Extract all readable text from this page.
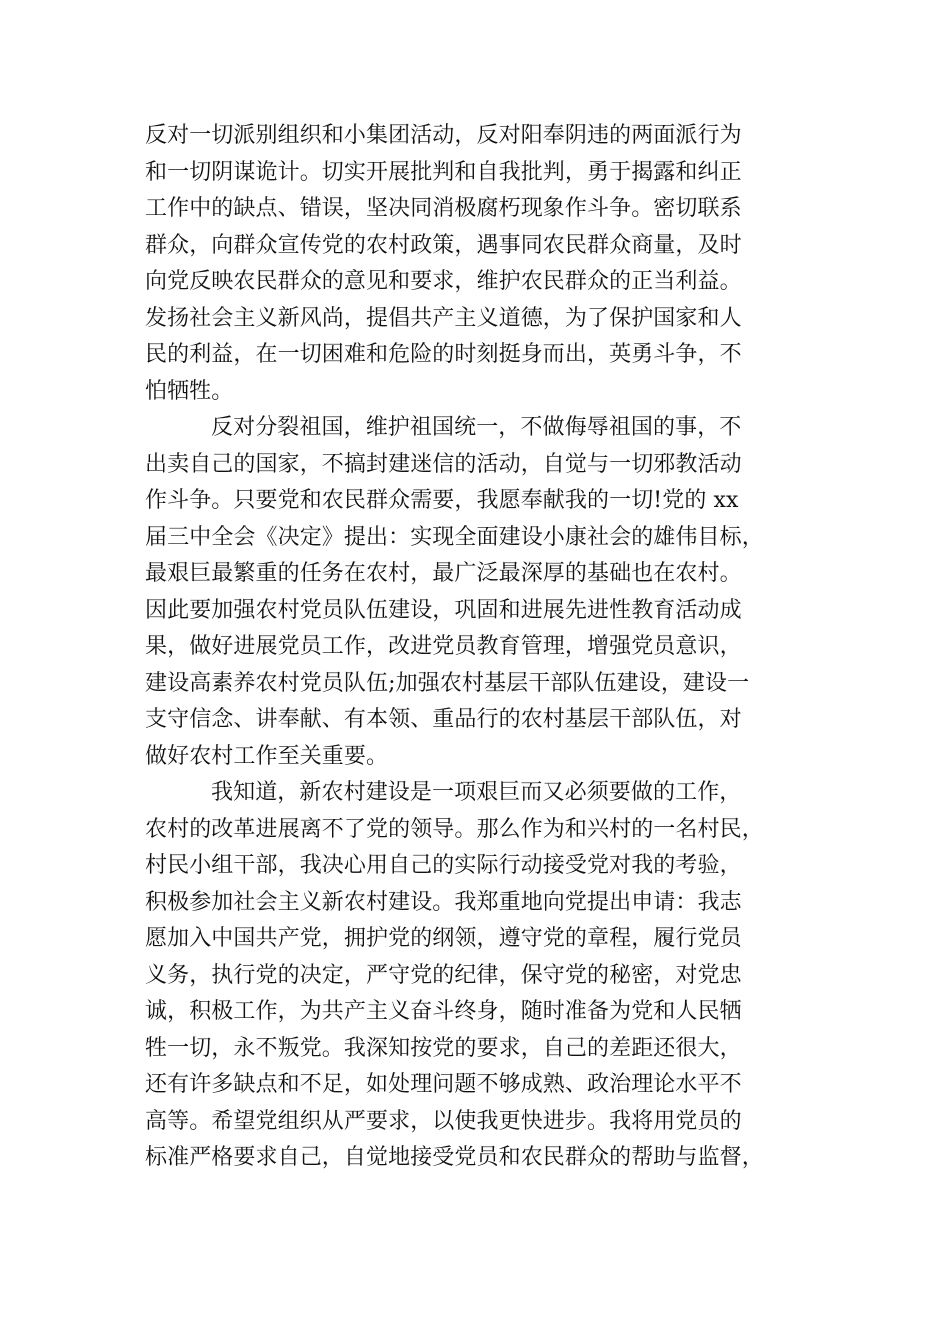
反对一切派别组织和小集团活动，反对阳奉阴违的两面派行为
和一切阴谋诡计。切实开展批判和自我批判，勇于揭露和纠正
工作中的缺点、错误，坚决同消极腐朽现象作斗争。密切联系
群众，向群众宣传党的农村政策，遇事同农民群众商量，及时
向党反映农民群众的意见和要求，维护农民群众的正当利益。
发扬社会主义新风尚，提倡共产主义道德，为了保护国家和人
民的利益，在一切困难和危险的时刻挺身而出，英勇斗争，不
怕牺牲。

反对分裂祖国，维护祖国统一，不做侮辱祖国的事，不
出卖自己的国家，不搞封建迷信的活动，自觉与一切邪教活动
作斗争。只要党和农民群众需要，我愿奉献我的一切!党的 xx
届三中全会《决定》提出：实现全面建设小康社会的雄伟目标，
最艰巨最繁重的任务在农村，最广泛最深厚的基础也在农村。
因此要加强农村党员队伍建设，巩固和进展先进性教育活动成
果，做好进展党员工作，改进党员教育管理，增强党员意识，
建设高素养农村党员队伍;加强农村基层干部队伍建设，建设一
支守信念、讲奉献、有本领、重品行的农村基层干部队伍，对
做好农村工作至关重要。

我知道，新农村建设是一项艰巨而又必须要做的工作，
农村的改革进展离不了党的领导。那么作为和兴村的一名村民，
村民小组干部，我决心用自己的实际行动接受党对我的考验，
积极参加社会主义新农村建设。我郑重地向党提出申请：我志
愿加入中国共产党，拥护党的纲领，遵守党的章程，履行党员
义务，执行党的决定，严守党的纪律，保守党的秘密，对党忠
诚，积极工作，为共产主义奋斗终身，随时准备为党和人民牺
牲一切，永不叛党。我深知按党的要求，自己的差距还很大，
还有许多缺点和不足，如处理问题不够成熟、政治理论水平不
高等。希望党组织从严要求，以使我更快进步。我将用党员的
标准严格要求自己，自觉地接受党员和农民群众的帮助与监督，
